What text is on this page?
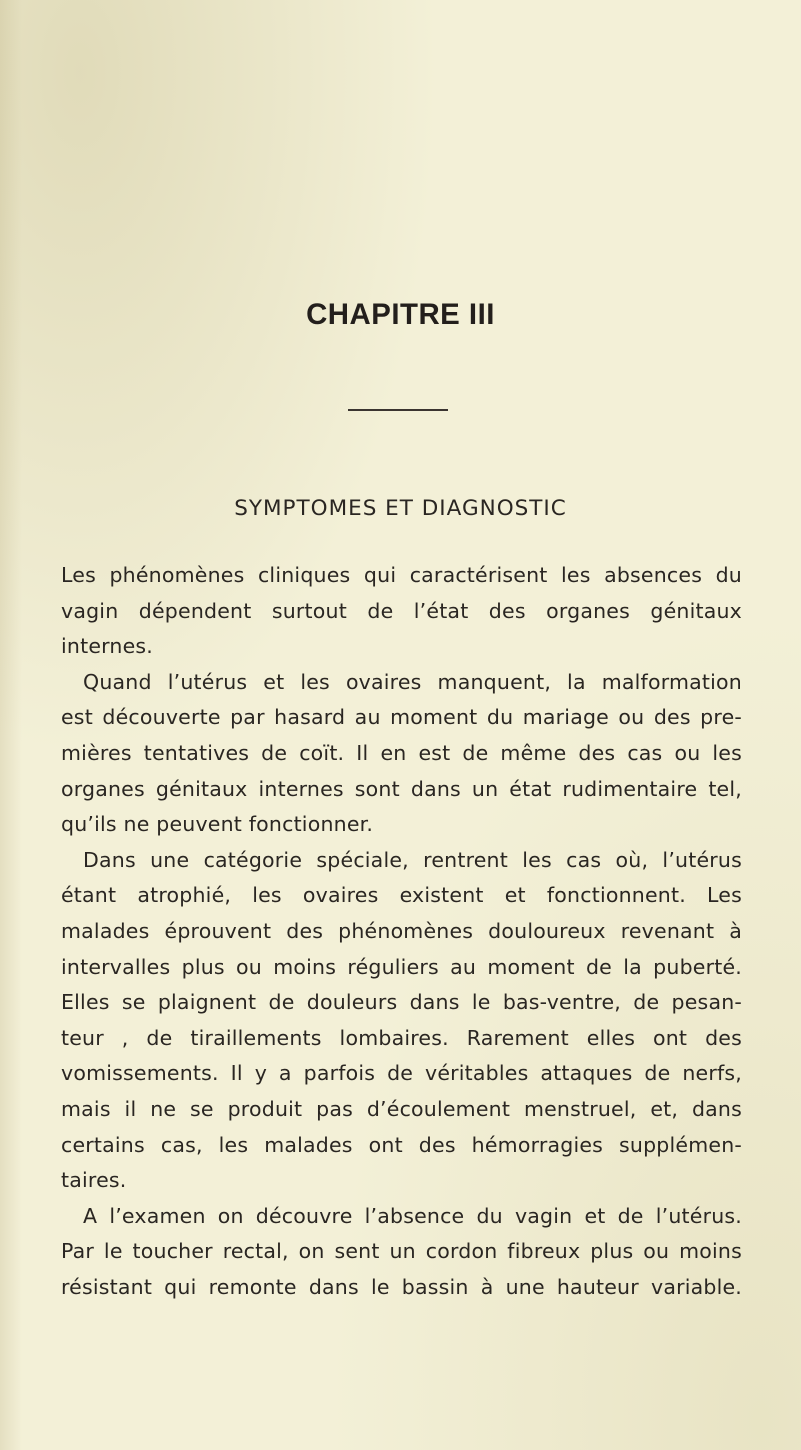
CHAPITRE III
SYMPTOMES ET DIAGNOSTIC
Les phénomènes cliniques qui caractérisent les absences du
vagin dépendent surtout de l’état des organes génitaux
internes.
Quand l’utérus et les ovaires manquent, la malformation
est découverte par hasard au moment du mariage ou des pre-
mières tentatives de coït. Il en est de même des cas ou les
organes génitaux internes sont dans un état rudimentaire tel,
qu’ils ne peuvent fonctionner.
Dans une catégorie spéciale, rentrent les cas où, l’utérus
étant atrophié, les ovaires existent et fonctionnent. Les
malades éprouvent des phénomènes douloureux revenant à
intervalles plus ou moins réguliers au moment de la puberté.
Elles se plaignent de douleurs dans le bas-ventre, de pesan-
teur , de tiraillements lombaires. Rarement elles ont des
vomissements. Il y a parfois de véritables attaques de nerfs,
mais il ne se produit pas d’écoulement menstruel, et, dans
certains cas, les malades ont des hémorragies supplémen-
taires.
A l’examen on découvre l’absence du vagin et de l’utérus.
Par le toucher rectal, on sent un cordon fibreux plus ou moins
résistant qui remonte dans le bassin à une hauteur variable.
